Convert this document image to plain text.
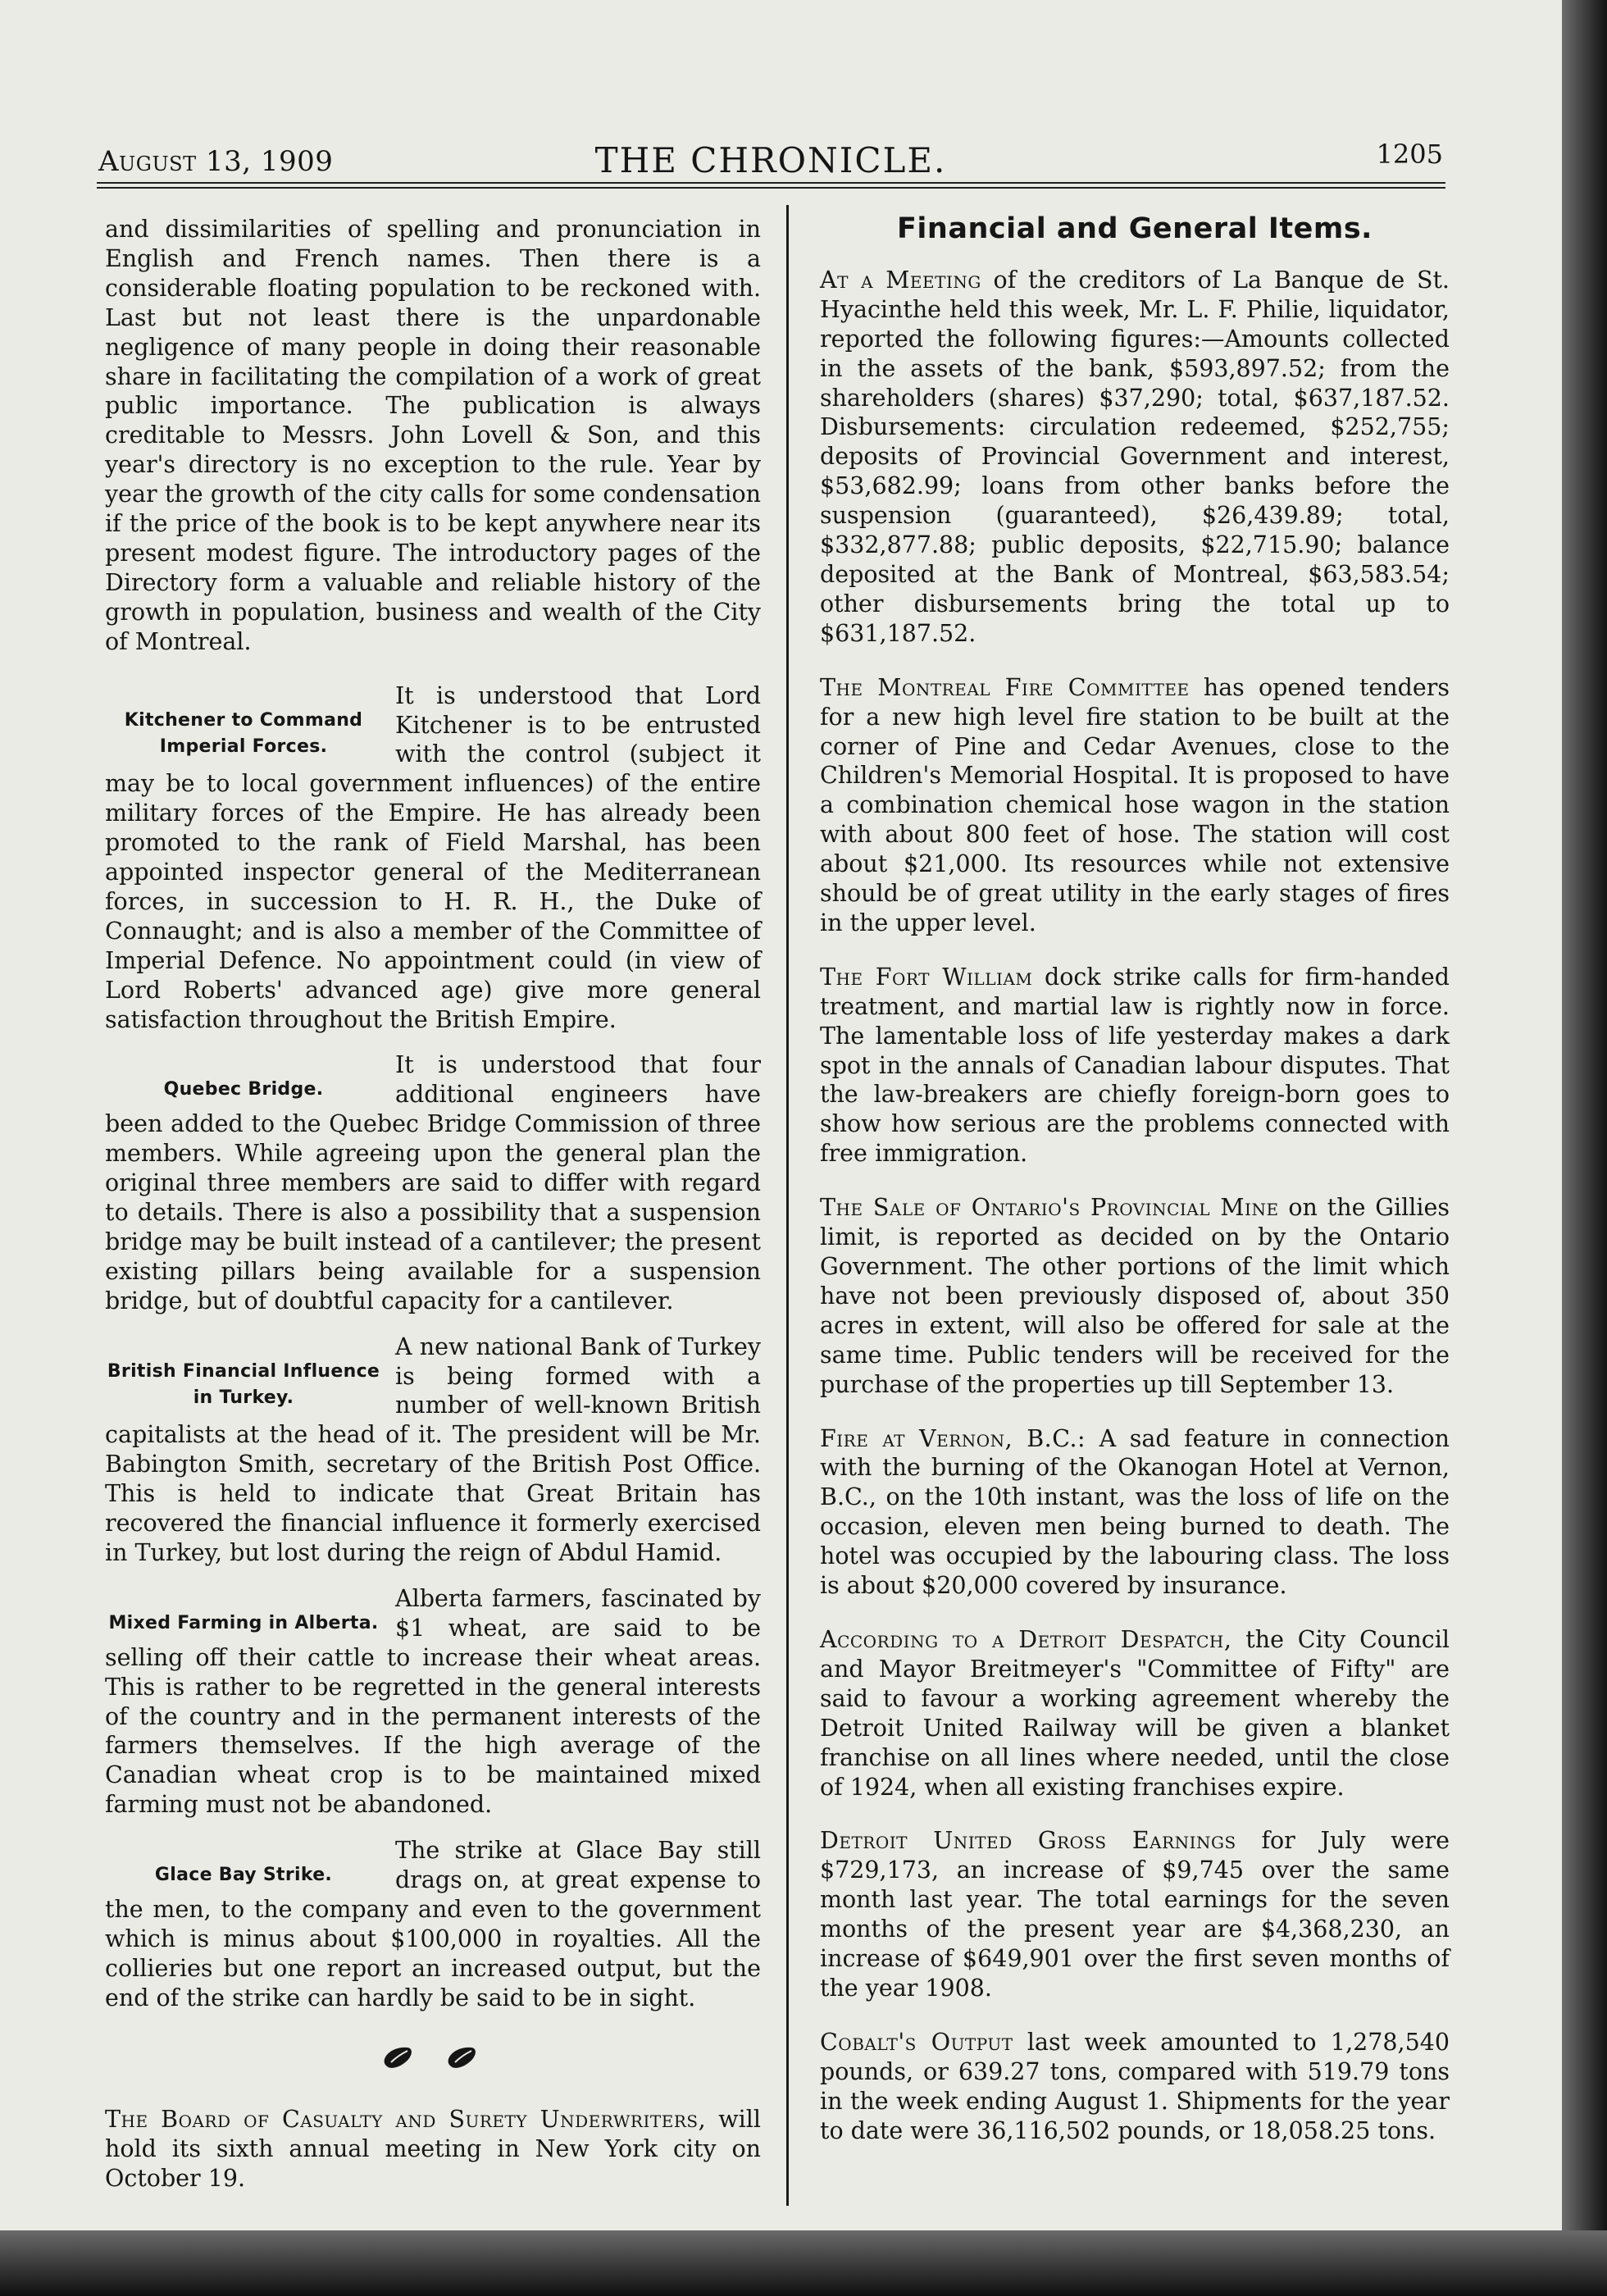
August 13, 1909	THE CHRONICLE.	1205

and dissimilarities of spelling and pronunciation in English and French names. Then there is a considerable floating population to be reckoned with. Last but not least there is the unpardonable negligence of many people in doing their reasonable share in facilitating the compilation of a work of great public importance. The publication is always creditable to Messrs. John Lovell & Son, and this year's directory is no exception to the rule. Year by year the growth of the city calls for some condensation if the price of the book is to be kept anywhere near its present modest figure. The introductory pages of the Directory form a valuable and reliable history of the growth in population, business and wealth of the City of Montreal.

Kitchener to Command Imperial Forces.
It is understood that Lord Kitchener is to be entrusted with the control (subject it may be to local government influences) of the entire military forces of the Empire. He has already been promoted to the rank of Field Marshal, has been appointed inspector general of the Mediterranean forces, in succession to H. R. H., the Duke of Connaught; and is also a member of the Committee of Imperial Defence. No appointment could (in view of Lord Roberts' advanced age) give more general satisfaction throughout the British Empire.
Quebec Bridge.
It is understood that four additional engineers have been added to the Quebec Bridge Commission of three members. While agreeing upon the general plan the original three members are said to differ with regard to details. There is also a possibility that a suspension bridge may be built instead of a cantilever; the present existing pillars being available for a suspension bridge, but of doubtful capacity for a cantilever.
British Financial Influence in Turkey.
A new national Bank of Turkey is being formed with a number of well-known British capitalists at the head of it. The president will be Mr. Babington Smith, secretary of the British Post Office. This is held to indicate that Great Britain has recovered the financial influence it formerly exercised in Turkey, but lost during the reign of Abdul Hamid.
Mixed Farming in Alberta.
Alberta farmers, fascinated by $1 wheat, are said to be selling off their cattle to increase their wheat areas. This is rather to be regretted in the general interests of the country and in the permanent interests of the farmers themselves. If the high average of the Canadian wheat crop is to be maintained mixed farming must not be abandoned.
Glace Bay Strike.
The strike at Glace Bay still drags on, at great expense to the men, to the company and even to the government which is minus about $100,000 in royalties. All the collieries but one report an increased output, but the end of the strike can hardly be said to be in sight.

The Board of Casualty and Surety Underwriters, will hold its sixth annual meeting in New York city on October 19.

Financial and General Items.

At a Meeting of the creditors of La Banque de St. Hyacinthe held this week, Mr. L. F. Philie, liquidator, reported the following figures:—Amounts collected in the assets of the bank, $593,897.52; from the shareholders (shares) $37,290; total, $637,187.52. Disbursements: circulation redeemed, $252,755; deposits of Provincial Government and interest, $53,682.99; loans from other banks before the suspension (guaranteed), $26,439.89; total, $332,877.88; public deposits, $22,715.90; balance deposited at the Bank of Montreal, $63,583.54; other disbursements bring the total up to $631,187.52.

The Montreal Fire Committee has opened tenders for a new high level fire station to be built at the corner of Pine and Cedar Avenues, close to the Children's Memorial Hospital. It is proposed to have a combination chemical hose wagon in the station with about 800 feet of hose. The station will cost about $21,000. Its resources while not extensive should be of great utility in the early stages of fires in the upper level.

The Fort William dock strike calls for firm-handed treatment, and martial law is rightly now in force. The lamentable loss of life yesterday makes a dark spot in the annals of Canadian labour disputes. That the law-breakers are chiefly foreign-born goes to show how serious are the problems connected with free immigration.

The Sale of Ontario's Provincial Mine on the Gillies limit, is reported as decided on by the Ontario Government. The other portions of the limit which have not been previously disposed of, about 350 acres in extent, will also be offered for sale at the same time. Public tenders will be received for the purchase of the properties up till September 13.

Fire at Vernon, B.C.: A sad feature in connection with the burning of the Okanogan Hotel at Vernon, B.C., on the 10th instant, was the loss of life on the occasion, eleven men being burned to death. The hotel was occupied by the labouring class. The loss is about $20,000 covered by insurance.

According to a Detroit Despatch, the City Council and Mayor Breitmeyer's "Committee of Fifty" are said to favour a working agreement whereby the Detroit United Railway will be given a blanket franchise on all lines where needed, until the close of 1924, when all existing franchises expire.

Detroit United Gross Earnings for July were $729,173, an increase of $9,745 over the same month last year. The total earnings for the seven months of the present year are $4,368,230, an increase of $649,901 over the first seven months of the year 1908.

Cobalt's Output last week amounted to 1,278,540 pounds, or 639.27 tons, compared with 519.79 tons in the week ending August 1. Shipments for the year to date were 36,116,502 pounds, or 18,058.25 tons.
